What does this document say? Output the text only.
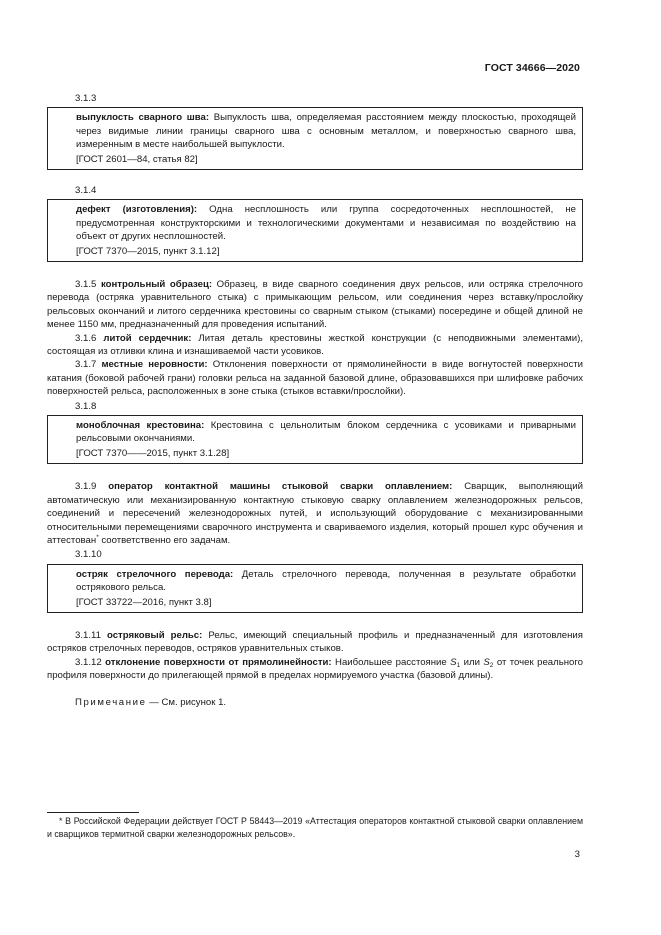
ГОСТ 34666—2020
3.1.3
выпуклость сварного шва: Выпуклость шва, определяемая расстоянием между плоскостью, проходящей через видимые линии границы сварного шва с основным металлом, и поверхностью сварного шва, измеренным в месте наибольшей выпуклости.
[ГОСТ 2601—84, статья 82]
3.1.4
дефект (изготовления): Одна несплошность или группа сосредоточенных несплошностей, не предусмотренная конструкторскими и технологическими документами и независимая по воздействию на объект от других несплошностей.
[ГОСТ 7370—2015, пункт 3.1.12]
3.1.5 контрольный образец: Образец, в виде сварного соединения двух рельсов, или остряка стрелочного перевода (остряка уравнительного стыка) с примыкающим рельсом, или соединения через вставку/прослойку рельсовых окончаний и литого сердечника крестовины со сварным стыком (стыками) посередине и общей длиной не менее 1150 мм, предназначенный для проведения испытаний.
3.1.6 литой сердечник: Литая деталь крестовины жесткой конструкции (с неподвижными элементами), состоящая из отливки клина и изнашиваемой части усовиков.
3.1.7 местные неровности: Отклонения поверхности от прямолинейности в виде вогнутостей поверхности катания (боковой рабочей грани) головки рельса на заданной базовой длине, образовавшихся при шлифовке рабочих поверхностей рельса, расположенных в зоне стыка (стыков вставки/прослойки).
3.1.8
моноблочная крестовина: Крестовина с цельнолитым блоком сердечника с усовиками и приварными рельсовыми окончаниями.
[ГОСТ 7370——2015, пункт 3.1.28]
3.1.9 оператор контактной машины стыковой сварки оплавлением: Сварщик, выполняющий автоматическую или механизированную контактную стыковую сварку оплавлением железнодорожных рельсов, соединений и пересечений железнодорожных путей, и использующий оборудование с механизированными относительными перемещениями сварочного инструмента и свариваемого изделия, который прошел курс обучения и аттестован* соответственно его задачам.
3.1.10
остряк стрелочного перевода: Деталь стрелочного перевода, полученная в результате обработки острякового рельса.
[ГОСТ 33722—2016, пункт 3.8]
3.1.11 остряковый рельс: Рельс, имеющий специальный профиль и предназначенный для изготовления остряков стрелочных переводов, остряков уравнительных стыков.
3.1.12 отклонение поверхности от прямолинейности: Наибольшее расстояние $S_1$ или $S_2$ от точек реального профиля поверхности до прилегающей прямой в пределах нормируемого участка (базовой длины).
Примечание — См. рисунок 1.
* В Российской Федерации действует ГОСТ Р 58443—2019 «Аттестация операторов контактной стыковой сварки оплавлением и сварщиков термитной сварки железнодорожных рельсов».
3
